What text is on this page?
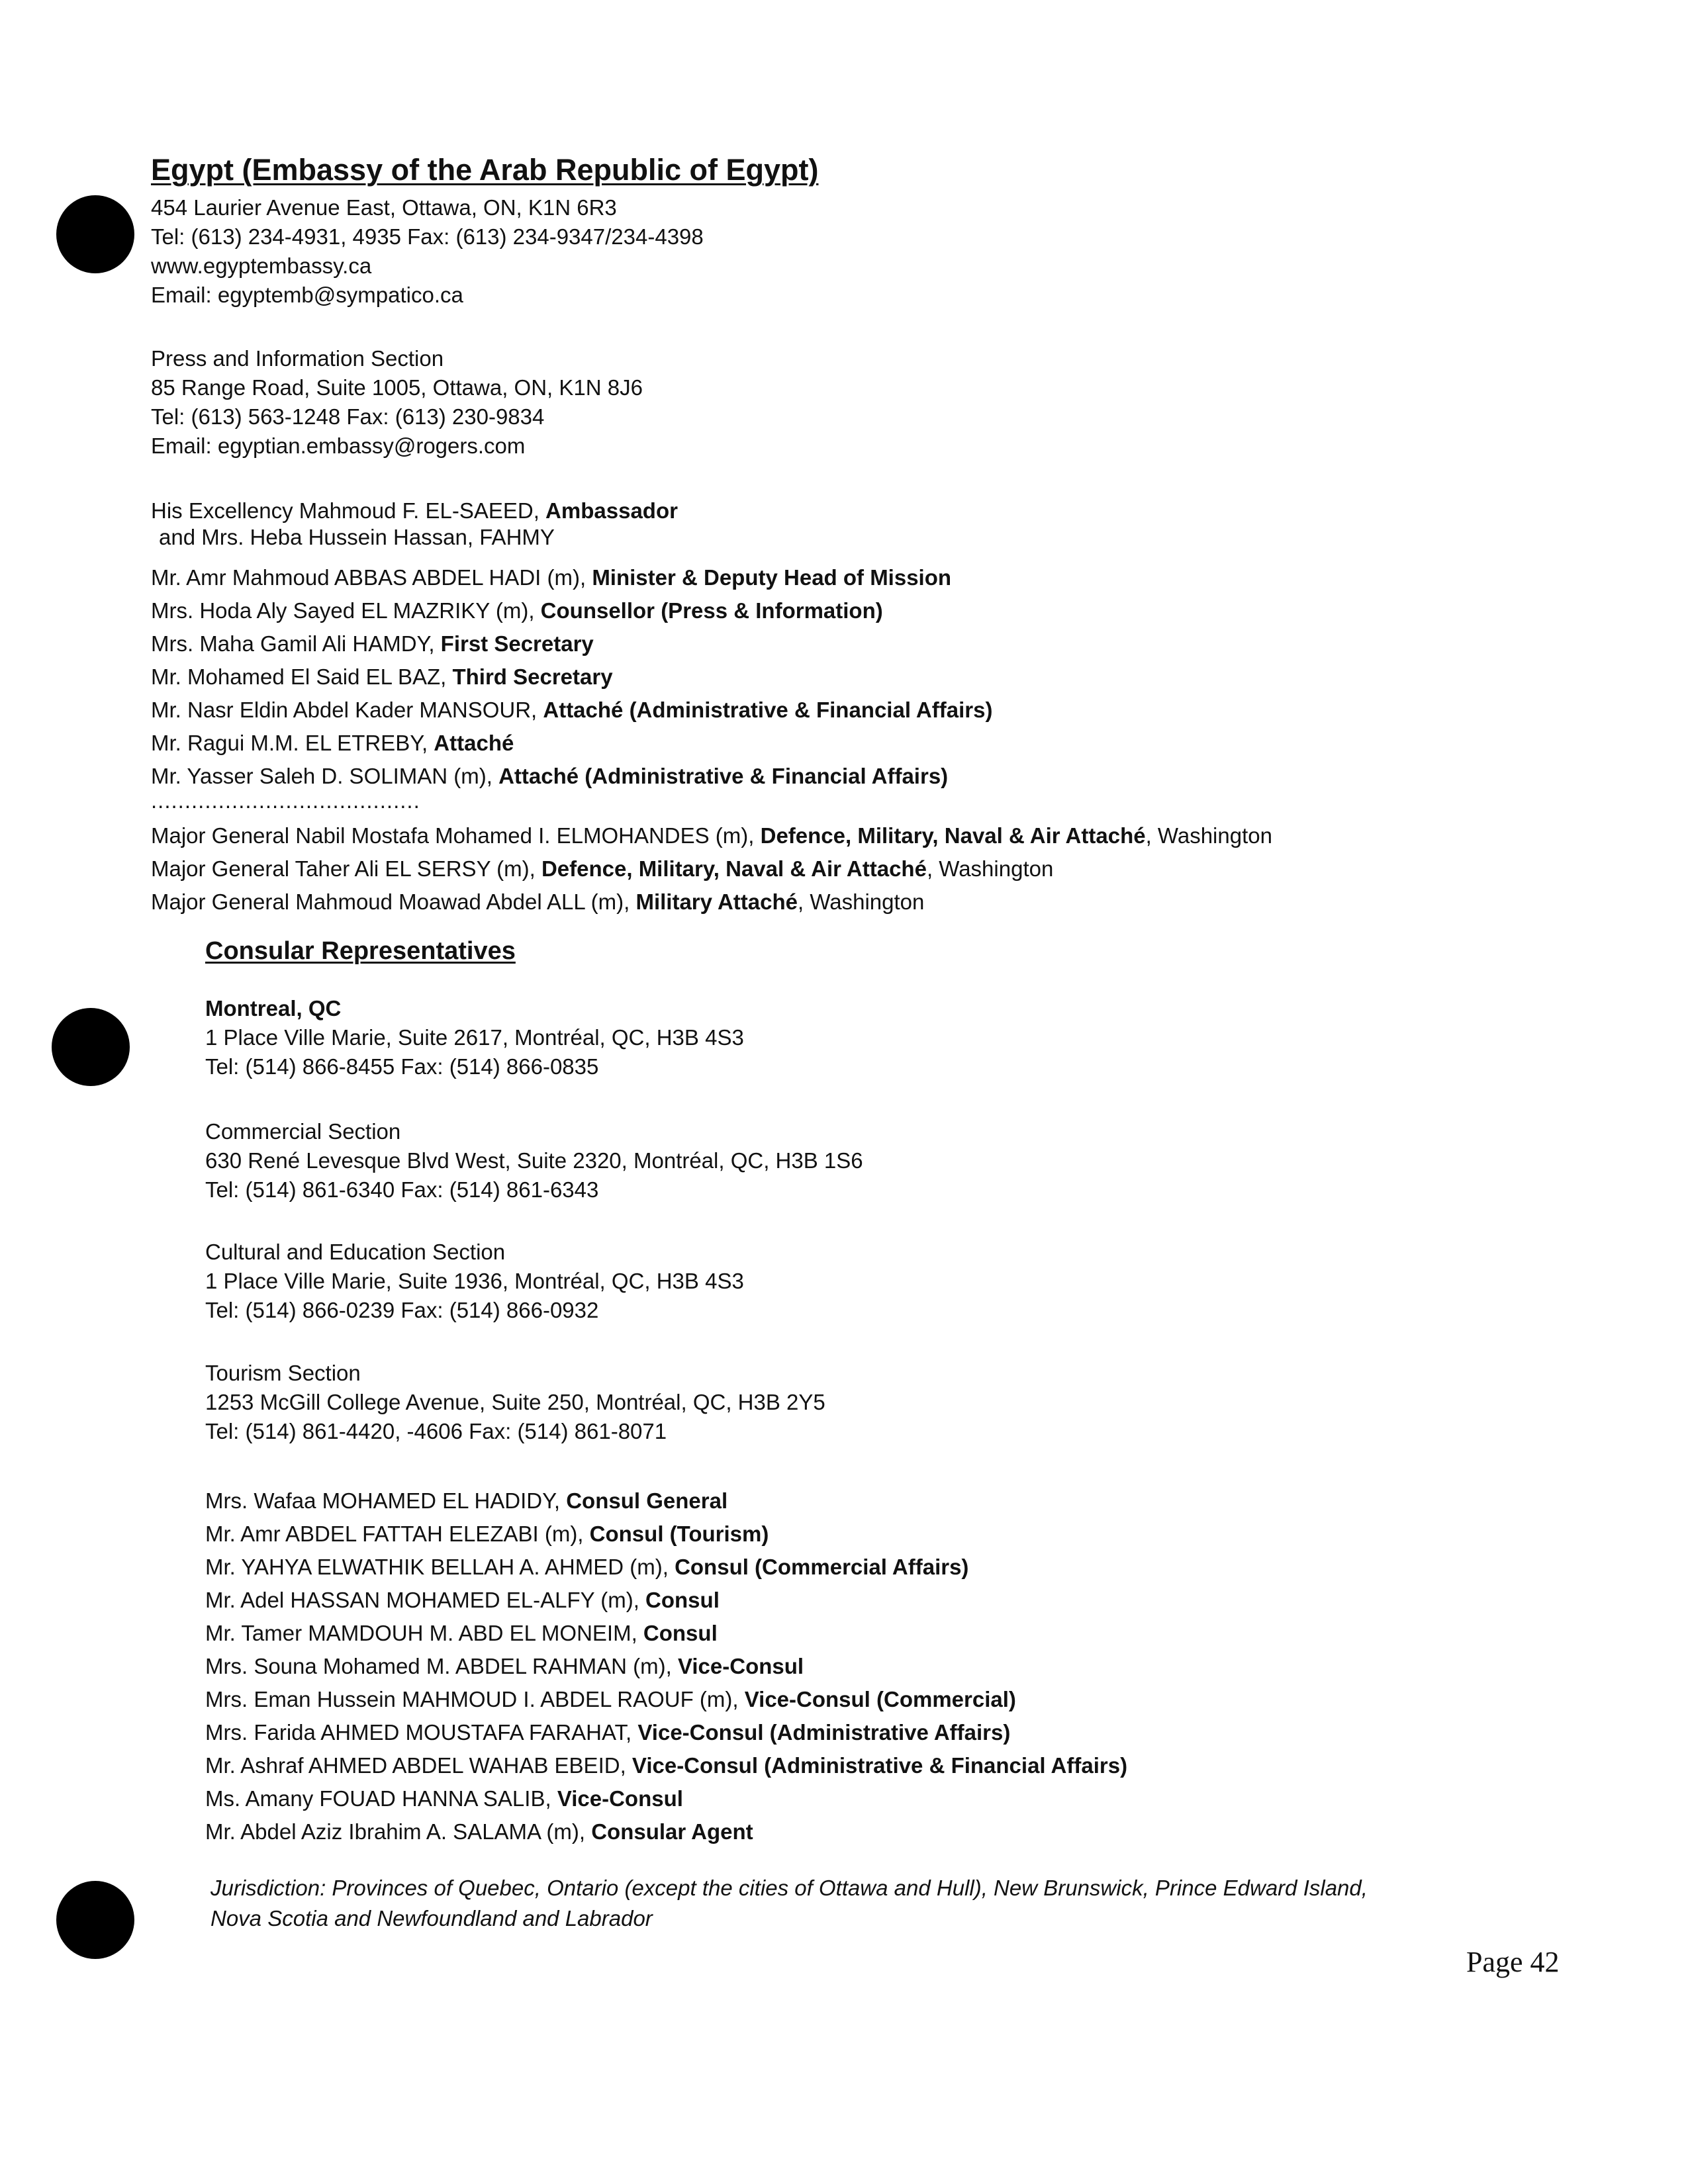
Egypt (Embassy of the Arab Republic of Egypt)
454 Laurier Avenue East, Ottawa, ON, K1N 6R3
Tel: (613) 234-4931, 4935 Fax: (613) 234-9347/234-4398
www.egyptembassy.ca
Email: egyptemb@sympatico.ca
Press and Information Section
85 Range Road, Suite 1005, Ottawa, ON, K1N 8J6
Tel: (613) 563-1248 Fax: (613) 230-9834
Email: egyptian.embassy@rogers.com
His Excellency Mahmoud F. EL-SAEED, Ambassador
and Mrs. Heba Hussein Hassan, FAHMY
Mr. Amr Mahmoud ABBAS ABDEL HADI (m), Minister & Deputy Head of Mission
Mrs. Hoda Aly Sayed EL MAZRIKY (m), Counsellor (Press & Information)
Mrs. Maha Gamil Ali HAMDY, First Secretary
Mr. Mohamed El Said EL BAZ, Third Secretary
Mr. Nasr Eldin Abdel Kader MANSOUR, Attaché (Administrative & Financial Affairs)
Mr. Ragui M.M. EL ETREBY, Attaché
Mr. Yasser Saleh D. SOLIMAN (m), Attaché (Administrative & Financial Affairs)
........................................
Major General Nabil Mostafa Mohamed I. ELMOHANDES (m), Defence, Military, Naval & Air Attaché, Washington
Major General Taher Ali EL SERSY (m), Defence, Military, Naval & Air Attaché, Washington
Major General Mahmoud Moawad Abdel ALL (m), Military Attaché, Washington
Consular Representatives
Montreal, QC
1 Place Ville Marie, Suite 2617, Montréal, QC, H3B 4S3
Tel: (514) 866-8455 Fax: (514) 866-0835
Commercial Section
630 René Levesque Blvd West, Suite 2320, Montréal, QC, H3B 1S6
Tel: (514) 861-6340 Fax: (514) 861-6343
Cultural and Education Section
1 Place Ville Marie, Suite 1936, Montréal, QC, H3B 4S3
Tel: (514) 866-0239 Fax: (514) 866-0932
Tourism Section
1253 McGill College Avenue, Suite 250, Montréal, QC, H3B 2Y5
Tel: (514) 861-4420, -4606 Fax: (514) 861-8071
Mrs. Wafaa MOHAMED EL HADIDY, Consul General
Mr. Amr ABDEL FATTAH ELEZABI (m), Consul (Tourism)
Mr. YAHYA ELWATHIK BELLAH A. AHMED (m), Consul (Commercial Affairs)
Mr. Adel HASSAN MOHAMED EL-ALFY (m), Consul
Mr. Tamer MAMDOUH M. ABD EL MONEIM, Consul
Mrs. Souna Mohamed M. ABDEL RAHMAN (m), Vice-Consul
Mrs. Eman Hussein MAHMOUD I. ABDEL RAOUF (m), Vice-Consul (Commercial)
Mrs. Farida AHMED MOUSTAFA FARAHAT, Vice-Consul (Administrative Affairs)
Mr. Ashraf AHMED ABDEL WAHAB EBEID, Vice-Consul (Administrative & Financial Affairs)
Ms. Amany FOUAD HANNA SALIB, Vice-Consul
Mr. Abdel Aziz Ibrahim A. SALAMA (m), Consular Agent
Jurisdiction: Provinces of Quebec, Ontario (except the cities of Ottawa and Hull), New Brunswick, Prince Edward Island,
Nova Scotia and Newfoundland and Labrador
Page 42
